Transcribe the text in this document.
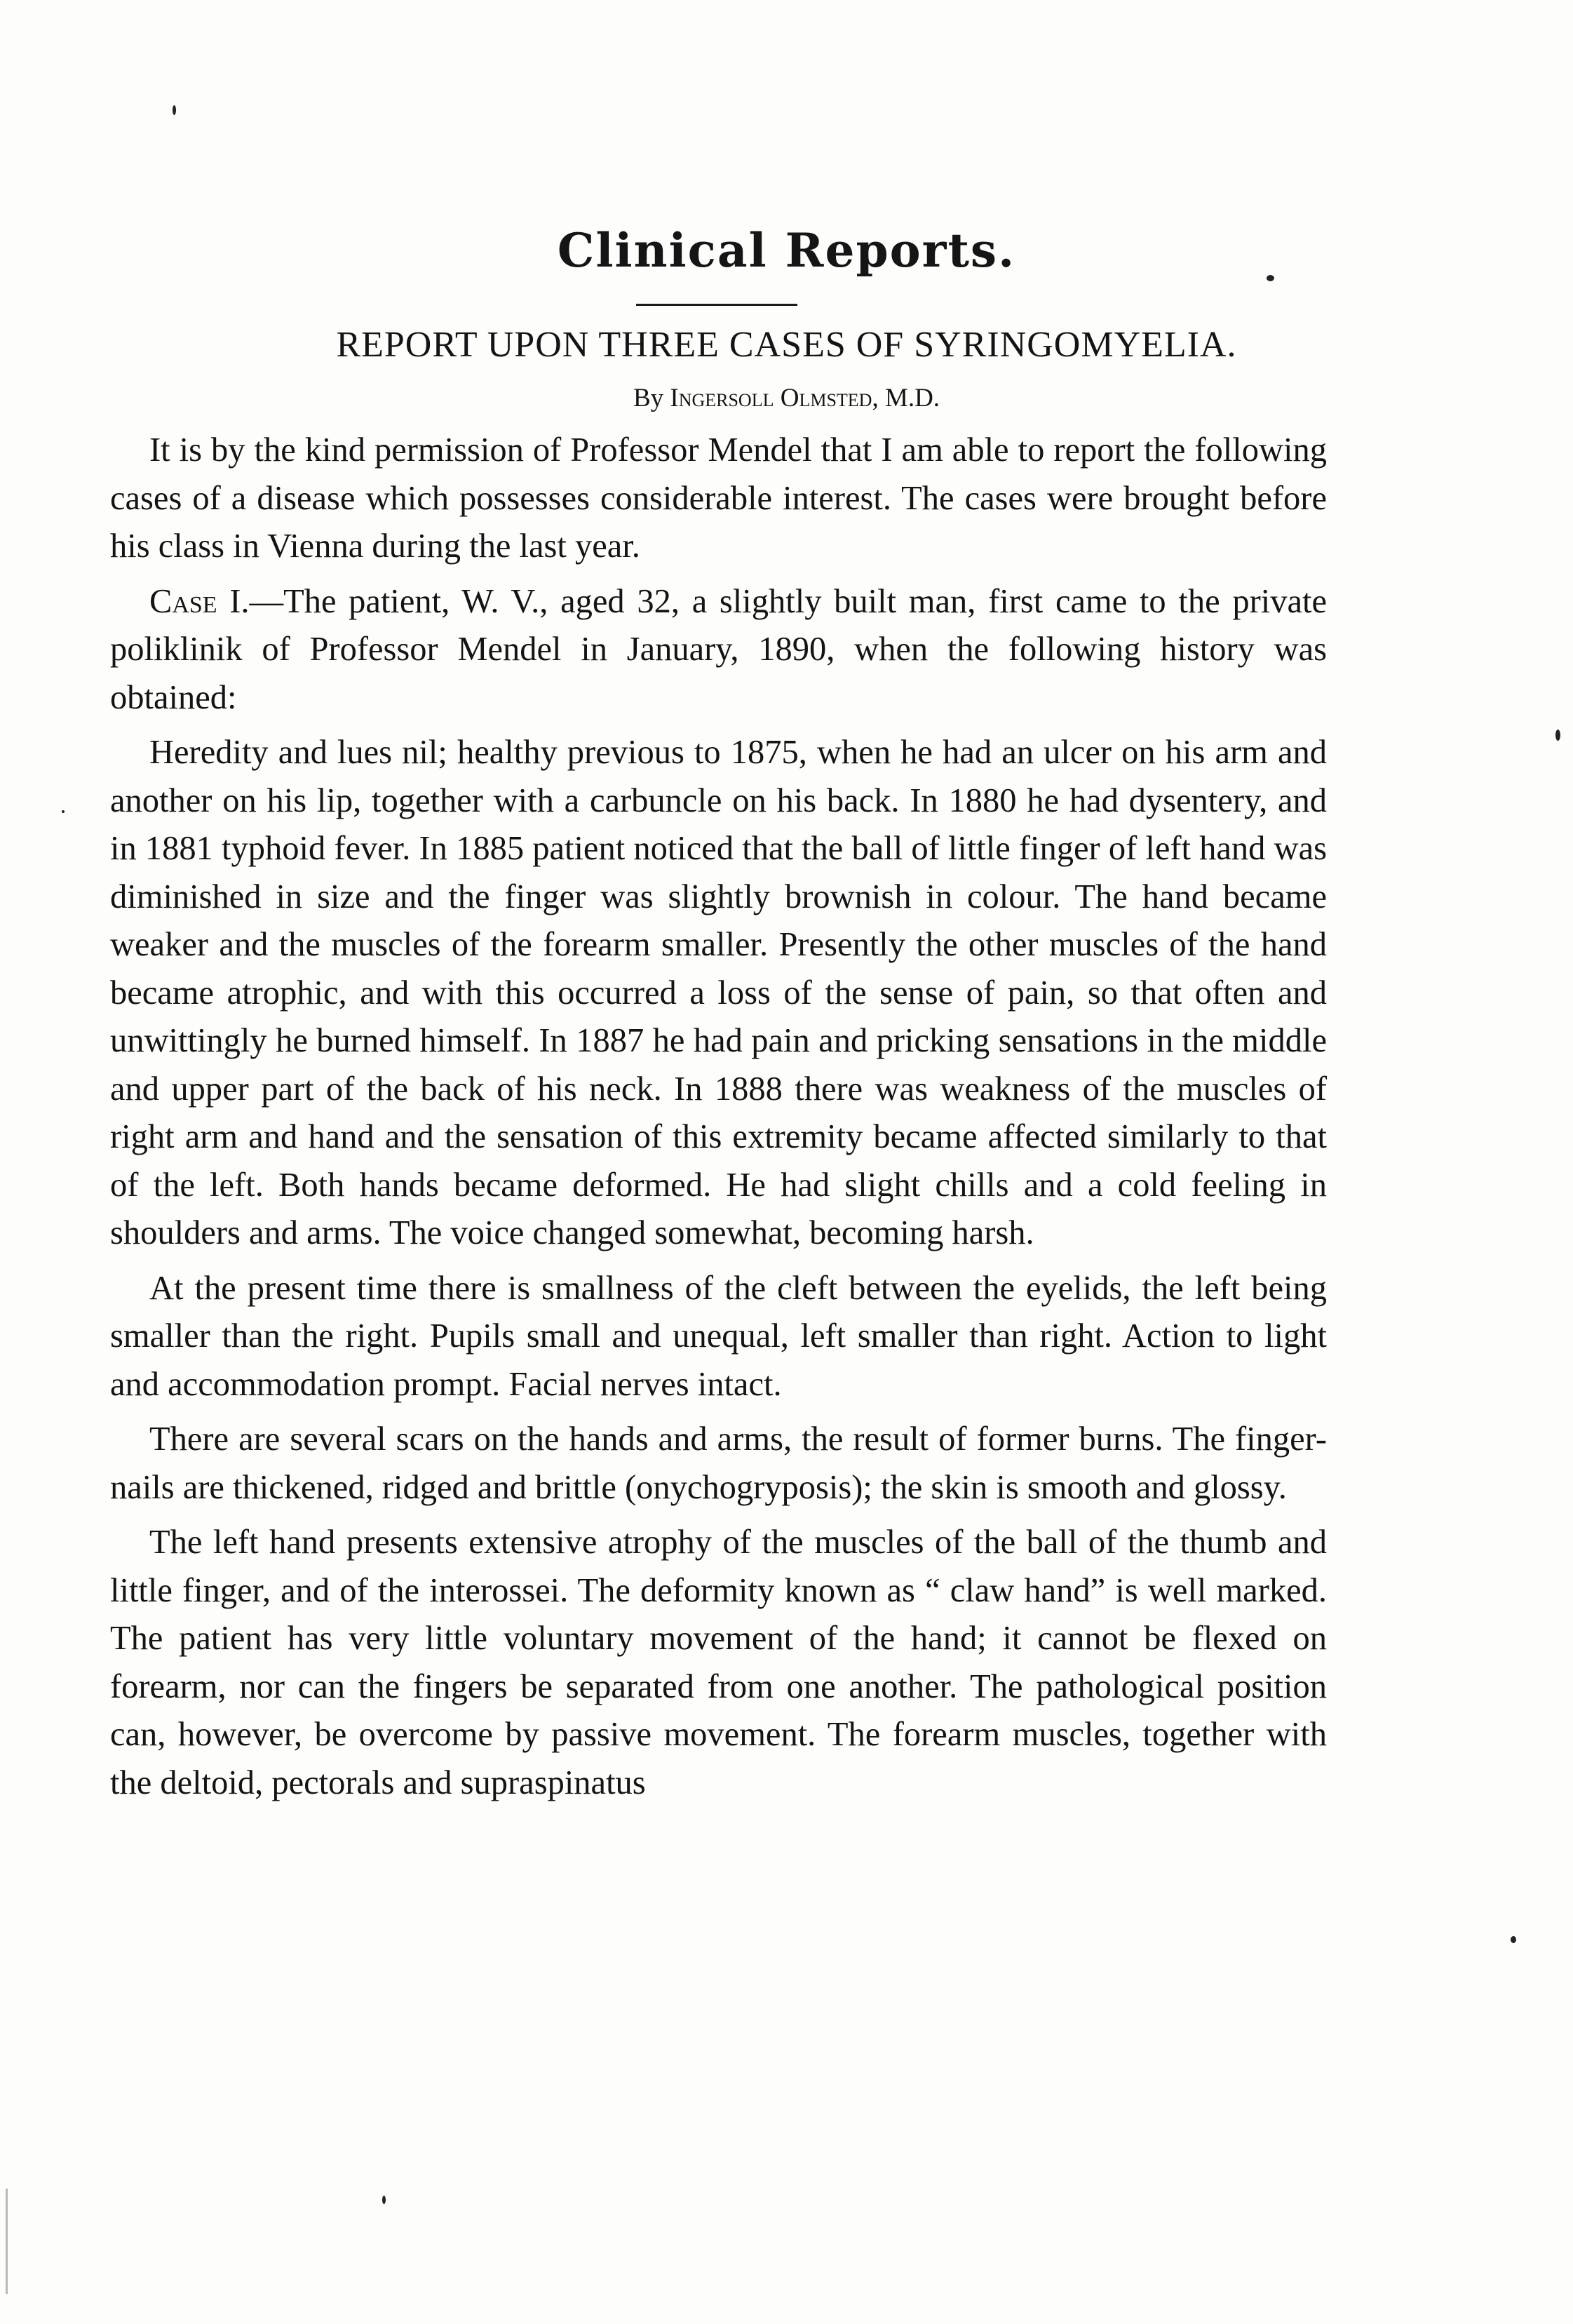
Clinical Reports.
REPORT UPON THREE CASES OF SYRINGOMYELIA.
By Ingersoll Olmsted, M.D.

It is by the kind permission of Professor Mendel that I am able to report the following cases of a disease which possesses considerable interest. The cases were brought before his class in Vienna during the last year.

Case I.—The patient, W. V., aged 32, a slightly built man, first came to the private poliklinik of Professor Mendel in January, 1890, when the following history was obtained:

Heredity and lues nil; healthy previous to 1875, when he had an ulcer on his arm and another on his lip, together with a carbuncle on his back. In 1880 he had dysentery, and in 1881 typhoid fever. In 1885 patient noticed that the ball of little finger of left hand was diminished in size and the finger was slightly brownish in colour. The hand became weaker and the muscles of the forearm smaller. Presently the other muscles of the hand became atrophic, and with this occurred a loss of the sense of pain, so that often and unwittingly he burned himself. In 1887 he had pain and pricking sensations in the middle and upper part of the back of his neck. In 1888 there was weakness of the muscles of right arm and hand and the sensation of this extremity became affected similarly to that of the left. Both hands became deformed. He had slight chills and a cold feeling in shoulders and arms. The voice changed somewhat, becoming harsh.

At the present time there is smallness of the cleft between the eyelids, the left being smaller than the right. Pupils small and unequal, left smaller than right. Action to light and accommodation prompt. Facial nerves intact.

There are several scars on the hands and arms, the result of former burns. The finger-nails are thickened, ridged and brittle (onychogryposis); the skin is smooth and glossy.

The left hand presents extensive atrophy of the muscles of the ball of the thumb and little finger, and of the interossei. The deformity known as “ claw hand” is well marked. The patient has very little voluntary movement of the hand; it cannot be flexed on forearm, nor can the fingers be separated from one another. The pathological position can, however, be overcome by passive movement. The forearm muscles, together with the deltoid, pectorals and supraspinatus
